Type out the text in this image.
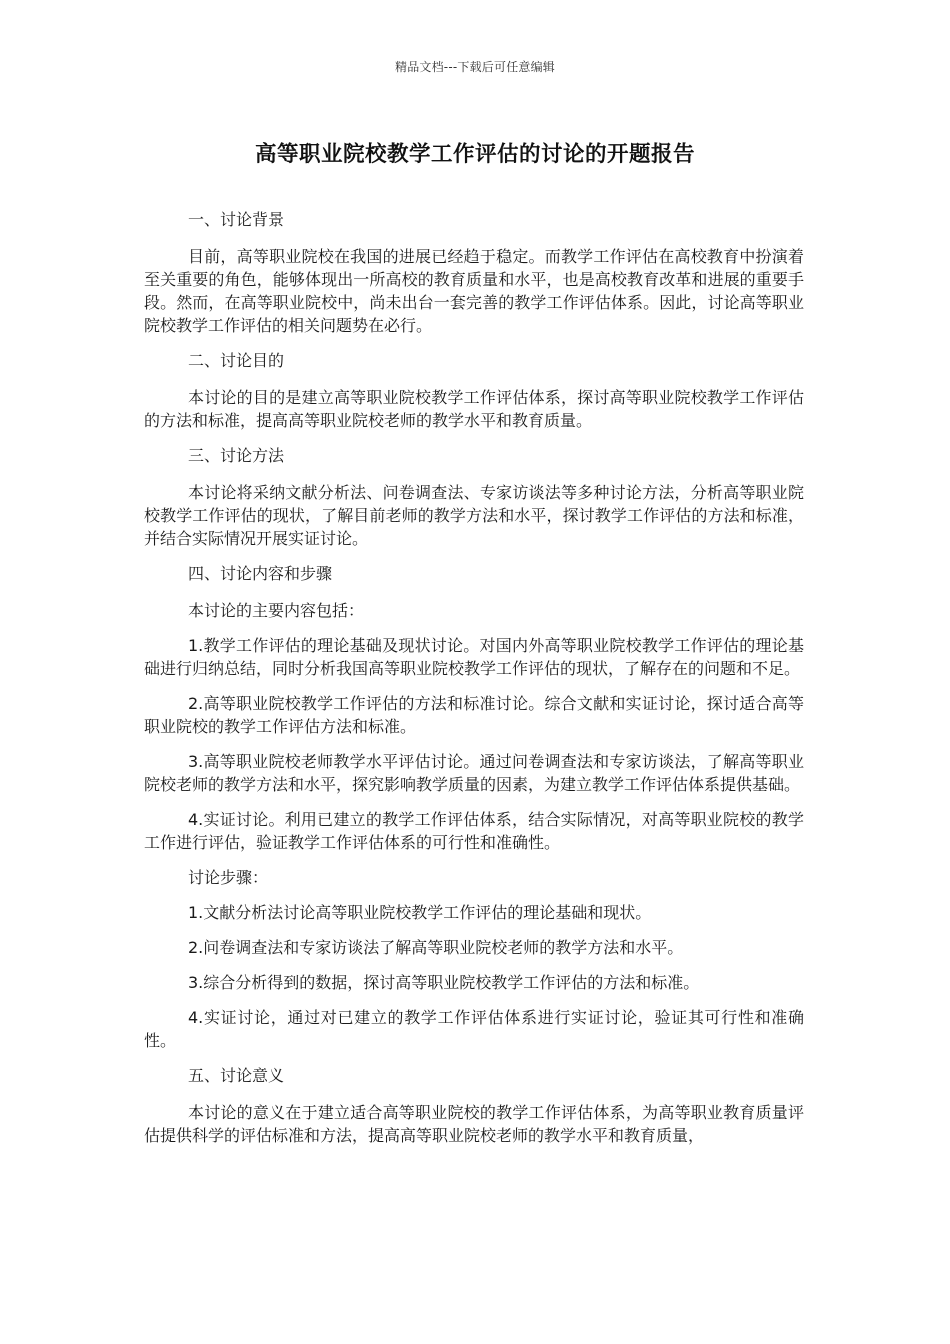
精品文档---下载后可任意编辑
高等职业院校教学工作评估的讨论的开题报告

一、讨论背景

目前，高等职业院校在我国的进展已经趋于稳定。而教学工作评估在高校教育中扮演着至关重要的角色，能够体现出一所高校的教育质量和水平，也是高校教育改革和进展的重要手段。然而，在高等职业院校中，尚未出台一套完善的教学工作评估体系。因此，讨论高等职业院校教学工作评估的相关问题势在必行。

二、讨论目的

本讨论的目的是建立高等职业院校教学工作评估体系，探讨高等职业院校教学工作评估的方法和标准，提高高等职业院校老师的教学水平和教育质量。

三、讨论方法

本讨论将采纳文献分析法、问卷调查法、专家访谈法等多种讨论方法，分析高等职业院校教学工作评估的现状，了解目前老师的教学方法和水平，探讨教学工作评估的方法和标准，并结合实际情况开展实证讨论。

四、讨论内容和步骤

本讨论的主要内容包括：

1.教学工作评估的理论基础及现状讨论。对国内外高等职业院校教学工作评估的理论基础进行归纳总结，同时分析我国高等职业院校教学工作评估的现状，了解存在的问题和不足。

2.高等职业院校教学工作评估的方法和标准讨论。综合文献和实证讨论，探讨适合高等职业院校的教学工作评估方法和标准。

3.高等职业院校老师教学水平评估讨论。通过问卷调查法和专家访谈法，了解高等职业院校老师的教学方法和水平，探究影响教学质量的因素，为建立教学工作评估体系提供基础。

4.实证讨论。利用已建立的教学工作评估体系，结合实际情况，对高等职业院校的教学工作进行评估，验证教学工作评估体系的可行性和准确性。

讨论步骤：

1.文献分析法讨论高等职业院校教学工作评估的理论基础和现状。

2.问卷调查法和专家访谈法了解高等职业院校老师的教学方法和水平。

3.综合分析得到的数据，探讨高等职业院校教学工作评估的方法和标准。

4.实证讨论，通过对已建立的教学工作评估体系进行实证讨论，验证其可行性和准确性。

五、讨论意义

本讨论的意义在于建立适合高等职业院校的教学工作评估体系，为高等职业教育质量评估提供科学的评估标准和方法，提高高等职业院校老师的教学水平和教育质量，
